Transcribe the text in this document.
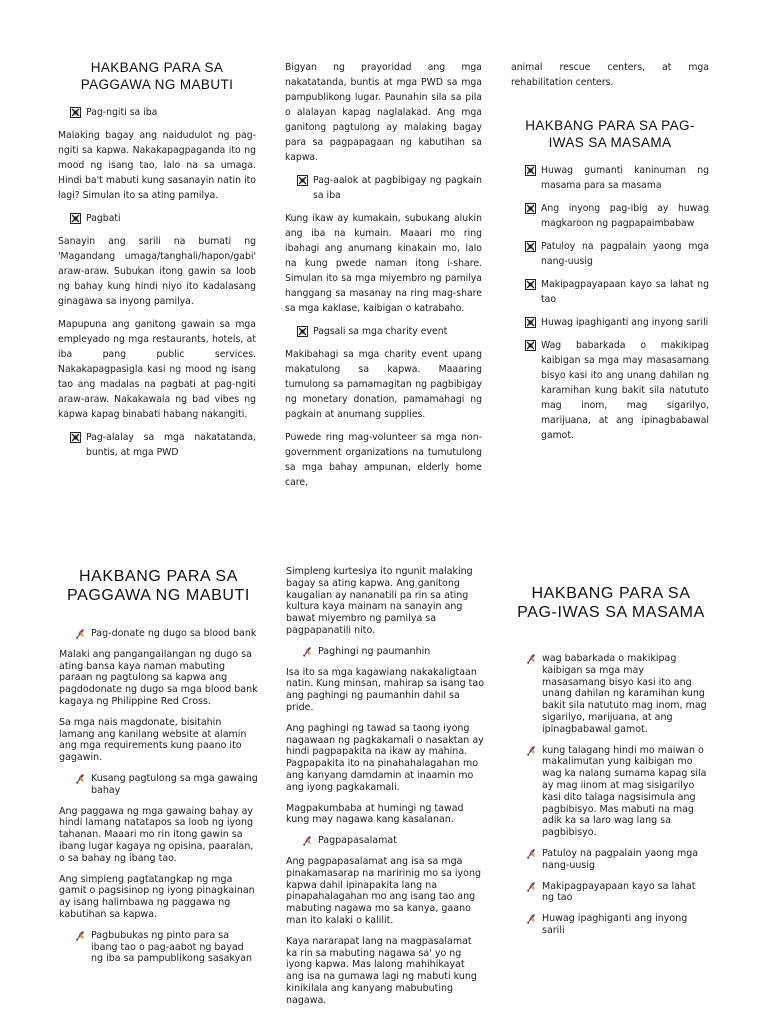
HAKBANG PARA SA PAGGAWA NG MABUTI
Pag-ngiti sa iba

Malaking bagay ang naidudulot ng pag-ngiti sa kapwa. Nakakapagpaganda ito ng mood ng isang tao, lalo na sa umaga. Hindi ba't mabuti kung sasanayin natin ito lagi? Simulan ito sa ating pamilya.

Pagbati

Sanayin ang sarili na bumati ng 'Magandang umaga/tanghali/hapon/gabi' araw-araw. Subukan itong gawin sa loob ng bahay kung hindi niyo ito kadalasang ginagawa sa inyong pamilya.

Mapupuna ang ganitong gawain sa mga empleyado ng mga restaurants, hotels, at iba pang public services. Nakakapagpasigla kasi ng mood ng isang tao ang madalas na pagbati at pag-ngiti araw-araw. Nakakawala ng bad vibes ng kapwa kapag binabati habang nakangiti.

Pag-alalay sa mga nakatatanda, buntis, at mga PWD

Bigyan ng prayoridad ang mga nakatatanda, buntis at mga PWD sa mga pampublikong lugar. Paunahin sila sa pila o alalayan kapag naglalakad. Ang mga ganitong pagtulong ay malaking bagay para sa pagpapagaan ng kabutihan sa kapwa.

Pag-aalok at pagbibigay ng pagkain sa iba

Kung ikaw ay kumakain, subukang alukin ang iba na kumain. Maaari mo ring ibahagi ang anumang kinakain mo, lalo na kung pwede naman itong i-share. Simulan ito sa mga miyembro ng pamilya hanggang sa masanay na ring mag-share sa mga kaklase, kaibigan o katrabaho.

Pagsali sa mga charity event

Makibahagi sa mga charity event upang makatulong sa kapwa. Maaaring tumulong sa pamamagitan ng pagbibigay ng monetary donation, pamamahagi ng pagkain at anumang supplies.

Puwede ring mag-volunteer sa mga non-government organizations na tumutulong sa mga bahay ampunan, elderly home care,

animal rescue centers, at mga rehabilitation centers.

HAKBANG PARA SA PAG-IWAS SA MASAMA
Huwag gumanti kaninuman ng masama para sa masama
Ang inyong pag-ibig ay huwag magkaroon ng pagpapaimbabaw
Patuloy na pagpalain yaong mga nang-uusig
Makipagpayapaan kayo sa lahat ng tao
Huwag ipaghiganti ang inyong sarili
Wag babarkada o makikipag kaibigan sa mga may masasamang bisyo kasi ito ang unang dahilan ng karamihan kung bakit sila natututo mag inom, mag sigarilyo, marijuana, at ang ipinagbabawal gamot.
HAKBANG PARA SA PAGGAWA NG MABUTI
Pag-donate ng dugo sa blood bank

Malaki ang pangangailangan ng dugo sa ating bansa kaya naman mabuting paraan ng pagtulong sa kapwa ang pagdodonate ng dugo sa mga blood bank kagaya ng Philippine Red Cross.

Sa mga nais magdonate, bisitahin lamang ang kanilang website at alamin ang mga requirements kung paano ito gagawin.

Kusang pagtulong sa mga gawaing bahay

Ang paggawa ng mga gawaing bahay ay hindi lamang natatapos sa loob ng iyong tahanan. Maaari mo rin itong gawin sa ibang lugar kagaya ng opisina, paaralan, o sa bahay ng ibang tao.

Ang simpleng pagtatangkap ng mga gamit o pagsisinop ng iyong pinagkainan ay isang halimbawa ng paggawa ng kabutihan sa kapwa.

Pagbubukas ng pinto para sa ibang tao o pag-aabot ng bayad ng iba sa pampublikong sasakyan

Simpleng kurtesiya ito ngunit malaking bagay sa ating kapwa. Ang ganitong kaugalian ay nananatili pa rin sa ating kultura kaya mainam na sanayin ang bawat miyembro ng pamilya sa pagpapanatili nito.

Paghingi ng paumanhin

Isa ito sa mga kagawiang nakakaligtaan natin. Kung minsan, mahirap sa isang tao ang paghingi ng paumanhin dahil sa pride.

Ang paghingi ng tawad sa taong iyong nagawaan ng pagkakamali o nasaktan ay hindi pagpapakita na ikaw ay mahina. Pagpapakita ito na pinahahalagahan mo ang kanyang damdamin at inaamin mo ang iyong pagkakamali.

Magpakumbaba at humingi ng tawad kung may nagawa kang kasalanan.

Pagpapasalamat

Ang pagpapasalamat ang isa sa mga pinakamasarap na maririnig mo sa iyong kapwa dahil ipinapakita lang na pinapahalagahan mo ang isang tao ang mabuting nagawa mo sa kanya, gaano man ito kalaki o kalilit.

Kaya nararapat lang na magpasalamat ka rin sa mabuting nagawa sa' yo ng iyong kapwa. Mas lalong mahihikayat ang isa na gumawa lagi ng mabuti kung kinikilala ang kanyang mabubuting nagawa.

HAKBANG PARA SA PAG-IWAS SA MASAMA
wag babarkada o makikipag kaibigan sa mga may masasamang bisyo kasi ito ang unang dahilan ng karamihan kung bakit sila natututo mag inom, mag sigarilyo, marijuana, at ang ipinagbabawal gamot.
kung talagang hindi mo maiwan o makalimutan yung kaibigan mo wag ka nalang sumama kapag sila ay mag iinom at mag sisigarilyo kasi dito talaga nagsisimula ang pagbibisyo. Mas mabuti na mag adik ka sa laro wag lang sa pagbibisyo.
Patuloy na pagpalain yaong mga nang-uusig
Makipagpayapaan kayo sa lahat ng tao
Huwag ipaghiganti ang inyong sarili
